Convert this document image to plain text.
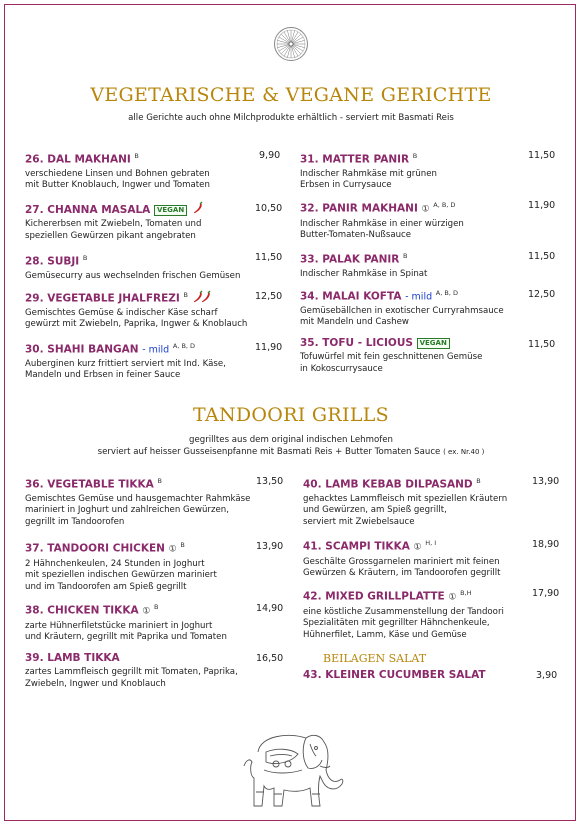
VEGETARISCHE & VEGANE GERICHTE
alle Gerichte auch ohne Milchprodukte erhältlich - serviert mit Basmati Reis
26. DAL MAKHANI $^B$
verschiedene Linsen und Bohnen gebraten
mit Butter Knoblauch, Ingwer und Tomaten
9,90
27. CHANNA MASALA VEGAN
Kichererbsen mit Zwiebeln, Tomaten und
speziellen Gewürzen pikant angebraten
10,50
28. SUBJI $^B$
Gemüsecurry aus wechselnden frischen Gemüsen
11,50
29. VEGETABLE JHALFREZI $^B$
Gemischtes Gemüse & indischer Käse scharf
gewürzt mit Zwiebeln, Paprika, Ingwer & Knoblauch
12,50
30. SHAHI BANGAN - mild $^{A, B, D}$
Auberginen kurz frittiert serviert mit Ind. Käse,
Mandeln und Erbsen in feiner Sauce
11,90
31. MATTER PANIR $^B$
Indischer Rahmkäse mit grünen
Erbsen in Currysauce
11,50
32. PANIR MAKHANI ① $^{A, B, D}$
Indischer Rahmkäse in einer würzigen
Butter-Tomaten-Nußsauce
11,90
33. PALAK PANIR $^B$
Indischer Rahmkäse in Spinat
11,50
34. MALAI KOFTA - mild $^{A, B, D}$
Gemüsebällchen in exotischer Curryrahmsauce
mit Mandeln und Cashew
12,50
35. TOFU - LICIOUS VEGAN
Tofuwürfel mit fein geschnittenen Gemüse
in Kokoscurrysauce
11,50
TANDOORI GRILLS
gegrilltes aus dem original indischen Lehmofen
serviert auf heisser Gusseisenpfanne mit Basmati Reis + Butter Tomaten Sauce ( ex. Nr.40 )
36. VEGETABLE TIKKA $^B$
Gemischtes Gemüse und hausgemachter Rahmkäse
mariniert in Joghurt und zahlreichen Gewürzen,
gegrillt im Tandoorofen
13,50
37. TANDOORI CHICKEN ① $^B$
2 Hähnchenkeulen, 24 Stunden in Joghurt
mit speziellen indischen Gewürzen mariniert
und im Tandoorofen am Spieß gegrillt
13,90
38. CHICKEN TIKKA ① $^B$
zarte Hühnerfiletstücke mariniert in Joghurt
und Kräutern, gegrillt mit Paprika und Tomaten
14,90
39. LAMB TIKKA
zartes Lammfleisch gegrillt mit Tomaten, Paprika,
Zwiebeln, Ingwer und Knoblauch
16,50
40. LAMB KEBAB DILPASAND $^B$
gehacktes Lammfleisch mit speziellen Kräutern
und Gewürzen, am Spieß gegrillt,
serviert mit Zwiebelsauce
13,90
41. SCAMPI TIKKA ① $^{H, I}$
Geschälte Grossgarnelen mariniert mit feinen
Gewürzen & Kräutern, im Tandoorofen gegrillt
18,90
42. MIXED GRILLPLATTE ① $^{B,H}$
eine köstliche Zusammenstellung der Tandoori
Spezialitäten mit gegrillter Hähnchenkeule,
Hühnerfilet, Lamm, Käse und Gemüse
17,90
BEILAGEN SALAT
43. KLEINER CUCUMBER SALAT	3,90
